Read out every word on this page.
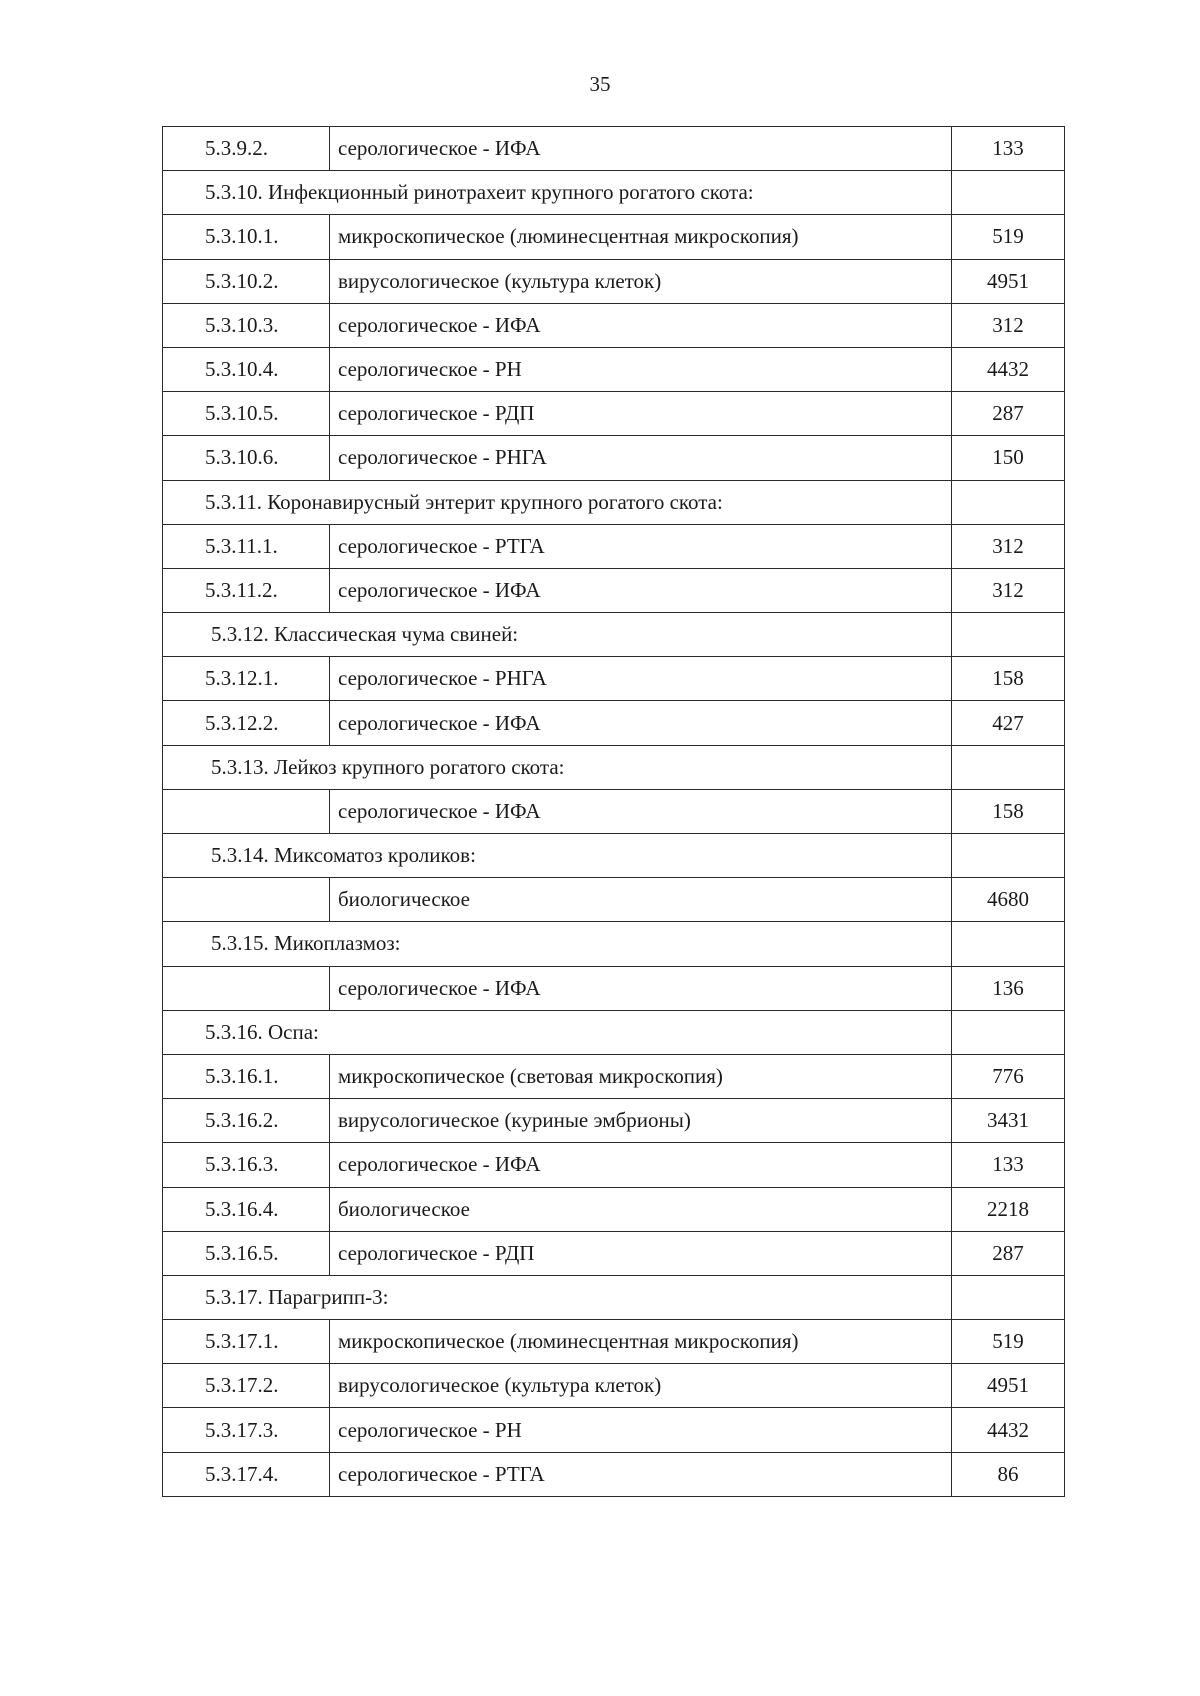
35
5.3.9.2.	серологическое - ИФА	133
5.3.10. Инфекционный ринотрахеит крупного рогатого скота:		
5.3.10.1.	микроскопическое (люминесцентная микроскопия)	519
5.3.10.2.	вирусологическое (культура клеток)	4951
5.3.10.3.	серологическое - ИФА	312
5.3.10.4.	серологическое - РН	4432
5.3.10.5.	серологическое - РДП	287
5.3.10.6.	серологическое - РНГА	150
5.3.11. Коронавирусный энтерит крупного рогатого скота:		
5.3.11.1.	серологическое - РТГА	312
5.3.11.2.	серологическое - ИФА	312
5.3.12. Классическая чума свиней:		
5.3.12.1.	серологическое - РНГА	158
5.3.12.2.	серологическое - ИФА	427
5.3.13. Лейкоз крупного рогатого скота:		
	серологическое - ИФА	158
5.3.14. Миксоматоз кроликов:		
	биологическое	4680
5.3.15. Микоплазмоз:		
	серологическое - ИФА	136
5.3.16. Оспа:		
5.3.16.1.	микроскопическое (световая микроскопия)	776
5.3.16.2.	вирусологическое (куриные эмбрионы)	3431
5.3.16.3.	серологическое - ИФА	133
5.3.16.4.	биологическое	2218
5.3.16.5.	серологическое - РДП	287
5.3.17. Парагрипп-3:		
5.3.17.1.	микроскопическое (люминесцентная микроскопия)	519
5.3.17.2.	вирусологическое (культура клеток)	4951
5.3.17.3.	серологическое - РН	4432
5.3.17.4.	серологическое - РТГА	86
